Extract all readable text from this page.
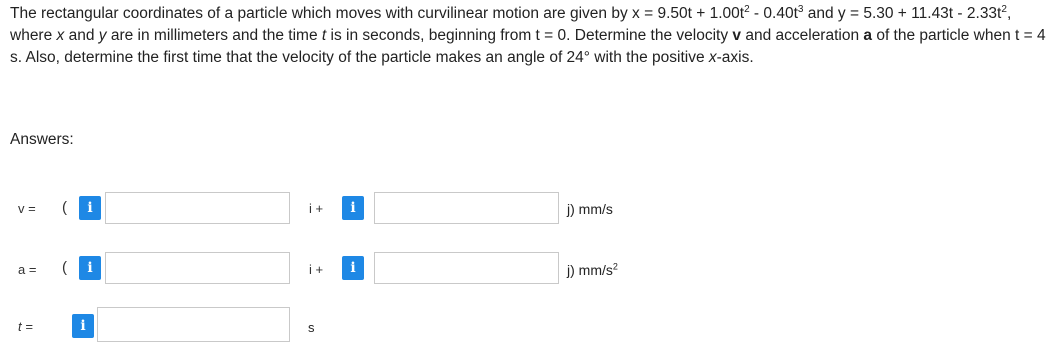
The rectangular coordinates of a particle which moves with curvilinear motion are given by $x = 9.50t + 1.00t^2 - 0.40t^3$ and $y = 5.30 + 11.43t - 2.33t^2$, where x and y are in millimeters and the time t is in seconds, beginning from t = 0. Determine the velocity v and acceleration a of the particle when t = 4 s. Also, determine the first time that the velocity of the particle makes an angle of 24° with the positive x-axis.

Answers:
v = (	i	i +	i	j) mm/s
a = (	i	i +	i	j) $mm/s^2$
t =	i	s
